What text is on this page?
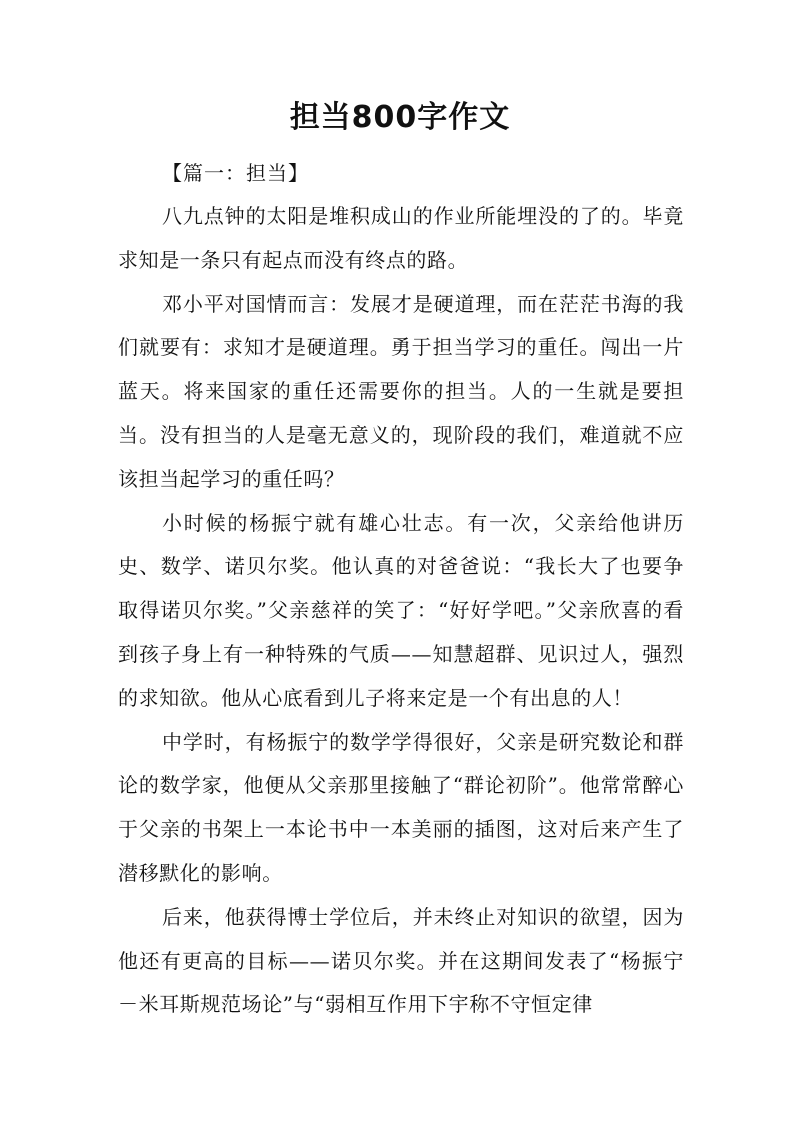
担当800字作文

【篇一：担当】

八九点钟的太阳是堆积成山的作业所能埋没的了的。毕竟求知是一条只有起点而没有终点的路。

邓小平对国情而言：发展才是硬道理，而在茫茫书海的我们就要有：求知才是硬道理。勇于担当学习的重任。闯出一片蓝天。将来国家的重任还需要你的担当。人的一生就是要担当。没有担当的人是毫无意义的，现阶段的我们，难道就不应该担当起学习的重任吗？

小时候的杨振宁就有雄心壮志。有一次，父亲给他讲历史、数学、诺贝尔奖。他认真的对爸爸说：“我长大了也要争取得诺贝尔奖。”父亲慈祥的笑了：“好好学吧。”父亲欣喜的看到孩子身上有一种特殊的气质——知慧超群、见识过人，强烈的求知欲。他从心底看到儿子将来定是一个有出息的人！

中学时，有杨振宁的数学学得很好，父亲是研究数论和群论的数学家，他便从父亲那里接触了“群论初阶”。他常常醉心于父亲的书架上一本论书中一本美丽的插图，这对后来产生了潜移默化的影响。

后来，他获得博士学位后，并未终止对知识的欲望，因为他还有更高的目标——诺贝尔奖。并在这期间发表了“杨振宁－米耳斯规范场论”与“弱相互作用下宇称不守恒定律
